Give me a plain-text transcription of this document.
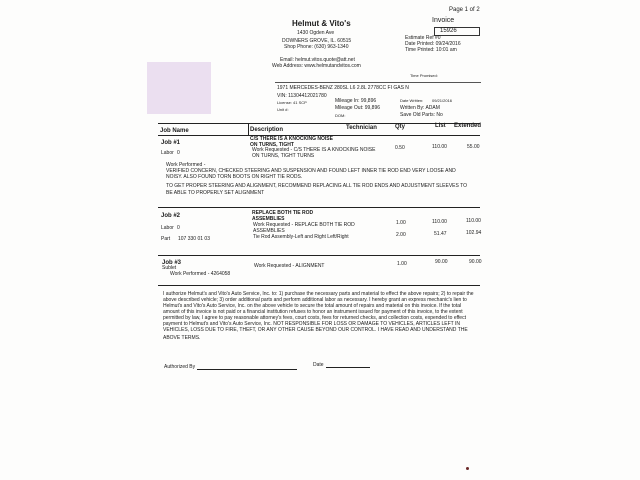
Page 1 of 2
Invoice
15926
Helmut & Vito's
1430 Ogden Ave
DOWNERS GROVE, IL. 60515
Shop Phone: (630) 963-1340
Estimate Ref #0
Date Printed: 09/24/2016
Time Printed: 10:01 am
Email: helmut.vitos.quote@att.net
Web Address: www.helmutandvitos.com
Time Promised:
1971 MERCEDES-BENZ 280SL L6 2.8L 2778CC FI GAS N
VIN: 11304412021780
License: 41 SCP
Unit #:
Mileage In: 99,896
Mileage Out: 99,896
DOM:
Date Written: 09/21/2016
Written By: ADAM
Save Old Parts: No
Job Name	Description	Technician	Qty	List Extended
Job #1
Labor 0
C/S THERE IS A KNOCKING NOISE
ON TURNS, TIGHT
Work Requested - C/S THERE IS A KNOCKING NOISE
ON TURNS, TIGHT TURNS
0.50	110.00	55.00
Work Performed -
VERIFIED CONCERN, CHECKED STEERING AND SUSPENSION AND FOUND LEFT INNER TIE ROD END VERY LOOSE AND
NOISY. ALSO FOUND TORN BOOTS ON RIGHT TIE RODS.
TO GET PROPER STEERING AND ALIGNMENT, RECOMMEND REPLACING ALL TIE ROD ENDS AND ADJUSTMENT SLEEVES TO
BE ABLE TO PROPERLY SET ALIGNMENT
Job #2
Labor 0
Part 107 330 01 03
REPLACE BOTH TIE ROD
ASSEMBLIES
Work Requested - REPLACE BOTH TIE ROD
ASSEMBLIES
1.00	110.00	110.00
Tie Rod Assembly-Left and Right Left/Right	2.00	51.47	102.94
Job #3
Sublet
Work Performed - 4264058
Work Requested - ALIGNMENT	1.00	90.00	90.00
I authorize Helmut's and Vito's Auto Service, Inc. to: 1) purchase the necessary parts and material to effect the above repairs; 2) to repair the
above described vehicle; 3) order additional parts and perform additional labor as necessary. I hereby grant an express mechanic's lien to
Helmut's and Vito's Auto Service, Inc. on the above vehicle to secure the total amount of repairs and material on this invoice. If the total
amount of this invoice is not paid or a financial institution refuses to honor an instrument issued for payment of this invoice, to the extent
permitted by law, I agree to pay reasonable attorney's fees, court costs, fees for returned checks, and collection costs, expended to effect
payment to Helmut's and Vito's Auto Service, Inc. NOT RESPONSIBLE FOR LOSS OR DAMAGE TO VEHICLES, ARTICLES LEFT IN
VEHICLES, LOSS DUE TO FIRE, THEFT, OR ANY OTHER CAUSE BEYOND OUR CONTROL. I HAVE READ AND UNDERSTAND THE
ABOVE TERMS.
Authorized By	Date
